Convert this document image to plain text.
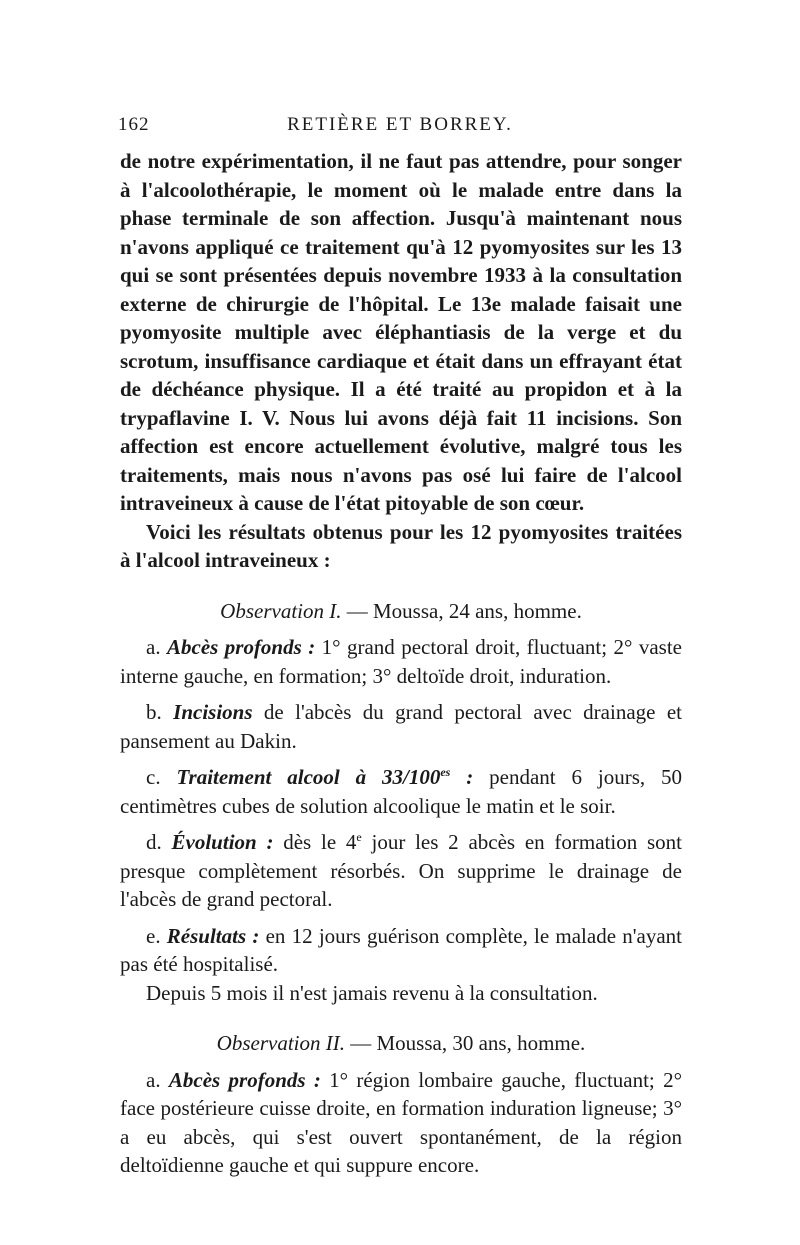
162	RETIÈRE ET BORREY.

de notre expérimentation, il ne faut pas attendre, pour songer à l'alcoolothérapie, le moment où le malade entre dans la phase terminale de son affection. Jusqu'à maintenant nous n'avons appliqué ce traitement qu'à 12 pyomyosites sur les 13 qui se sont présentées depuis novembre 1933 à la consultation externe de chirurgie de l'hôpital. Le 13e malade faisait une pyomyosite multiple avec éléphantiasis de la verge et du scrotum, insuffisance cardiaque et était dans un effrayant état de déchéance physique. Il a été traité au propidon et à la trypaflavine I. V. Nous lui avons déjà fait 11 incisions. Son affection est encore actuellement évolutive, malgré tous les traitements, mais nous n'avons pas osé lui faire de l'alcool intraveineux à cause de l'état pitoyable de son cœur.

Voici les résultats obtenus pour les 12 pyomyosites traitées à l'alcool intraveineux :

Observation I. — Moussa, 24 ans, homme.

a. Abcès profonds : 1° grand pectoral droit, fluctuant; 2° vaste interne gauche, en formation; 3° deltoïde droit, induration.

b. Incisions de l'abcès du grand pectoral avec drainage et pansement au Dakin.

c. Traitement alcool à $33/100^{es}$ : pendant 6 jours, 50 centimètres cubes de solution alcoolique le matin et le soir.

d. Évolution : dès le 4e jour les 2 abcès en formation sont presque complètement résorbés. On supprime le drainage de l'abcès de grand pectoral.

e. Résultats : en 12 jours guérison complète, le malade n'ayant pas été hospitalisé.

Depuis 5 mois il n'est jamais revenu à la consultation.

Observation II. — Moussa, 30 ans, homme.

a. Abcès profonds : 1° région lombaire gauche, fluctuant; 2° face postérieure cuisse droite, en formation induration ligneuse; 3° a eu abcès, qui s'est ouvert spontanément, de la région deltoïdienne gauche et qui suppure encore.
